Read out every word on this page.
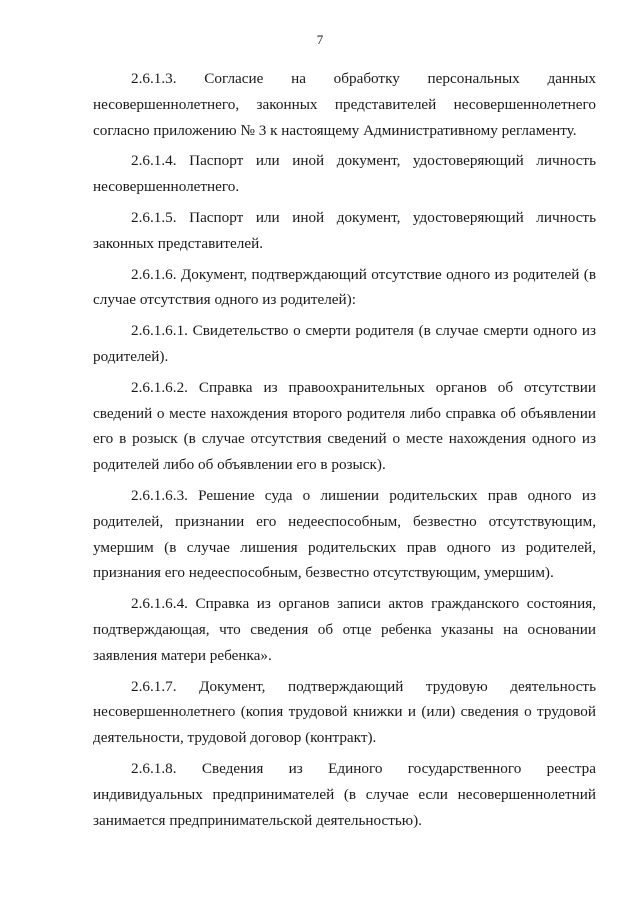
7

2.6.1.3. Согласие на обработку персональных данных несовершеннолетнего, законных представителей несовершеннолетнего согласно приложению № 3 к настоящему Административному регламенту.

2.6.1.4. Паспорт или иной документ, удостоверяющий личность несовершеннолетнего.

2.6.1.5. Паспорт или иной документ, удостоверяющий личность законных представителей.

2.6.1.6. Документ, подтверждающий отсутствие одного из родителей (в случае отсутствия одного из родителей):

2.6.1.6.1. Свидетельство о смерти родителя (в случае смерти одного из родителей).

2.6.1.6.2. Справка из правоохранительных органов об отсутствии сведений о месте нахождения второго родителя либо справка об объявлении его в розыск (в случае отсутствия сведений о месте нахождения одного из родителей либо об объявлении его в розыск).

2.6.1.6.3. Решение суда о лишении родительских прав одного из родителей, признании его недееспособным, безвестно отсутствующим, умершим (в случае лишения родительских прав одного из родителей, признания его недееспособным, безвестно отсутствующим, умершим).

2.6.1.6.4. Справка из органов записи актов гражданского состояния, подтверждающая, что сведения об отце ребенка указаны на основании заявления матери ребенка».

2.6.1.7. Документ, подтверждающий трудовую деятельность несовершеннолетнего (копия трудовой книжки и (или) сведения о трудовой деятельности, трудовой договор (контракт).

2.6.1.8. Сведения из Единого государственного реестра индивидуальных предпринимателей (в случае если несовершеннолетний занимается предпринимательской деятельностью).
